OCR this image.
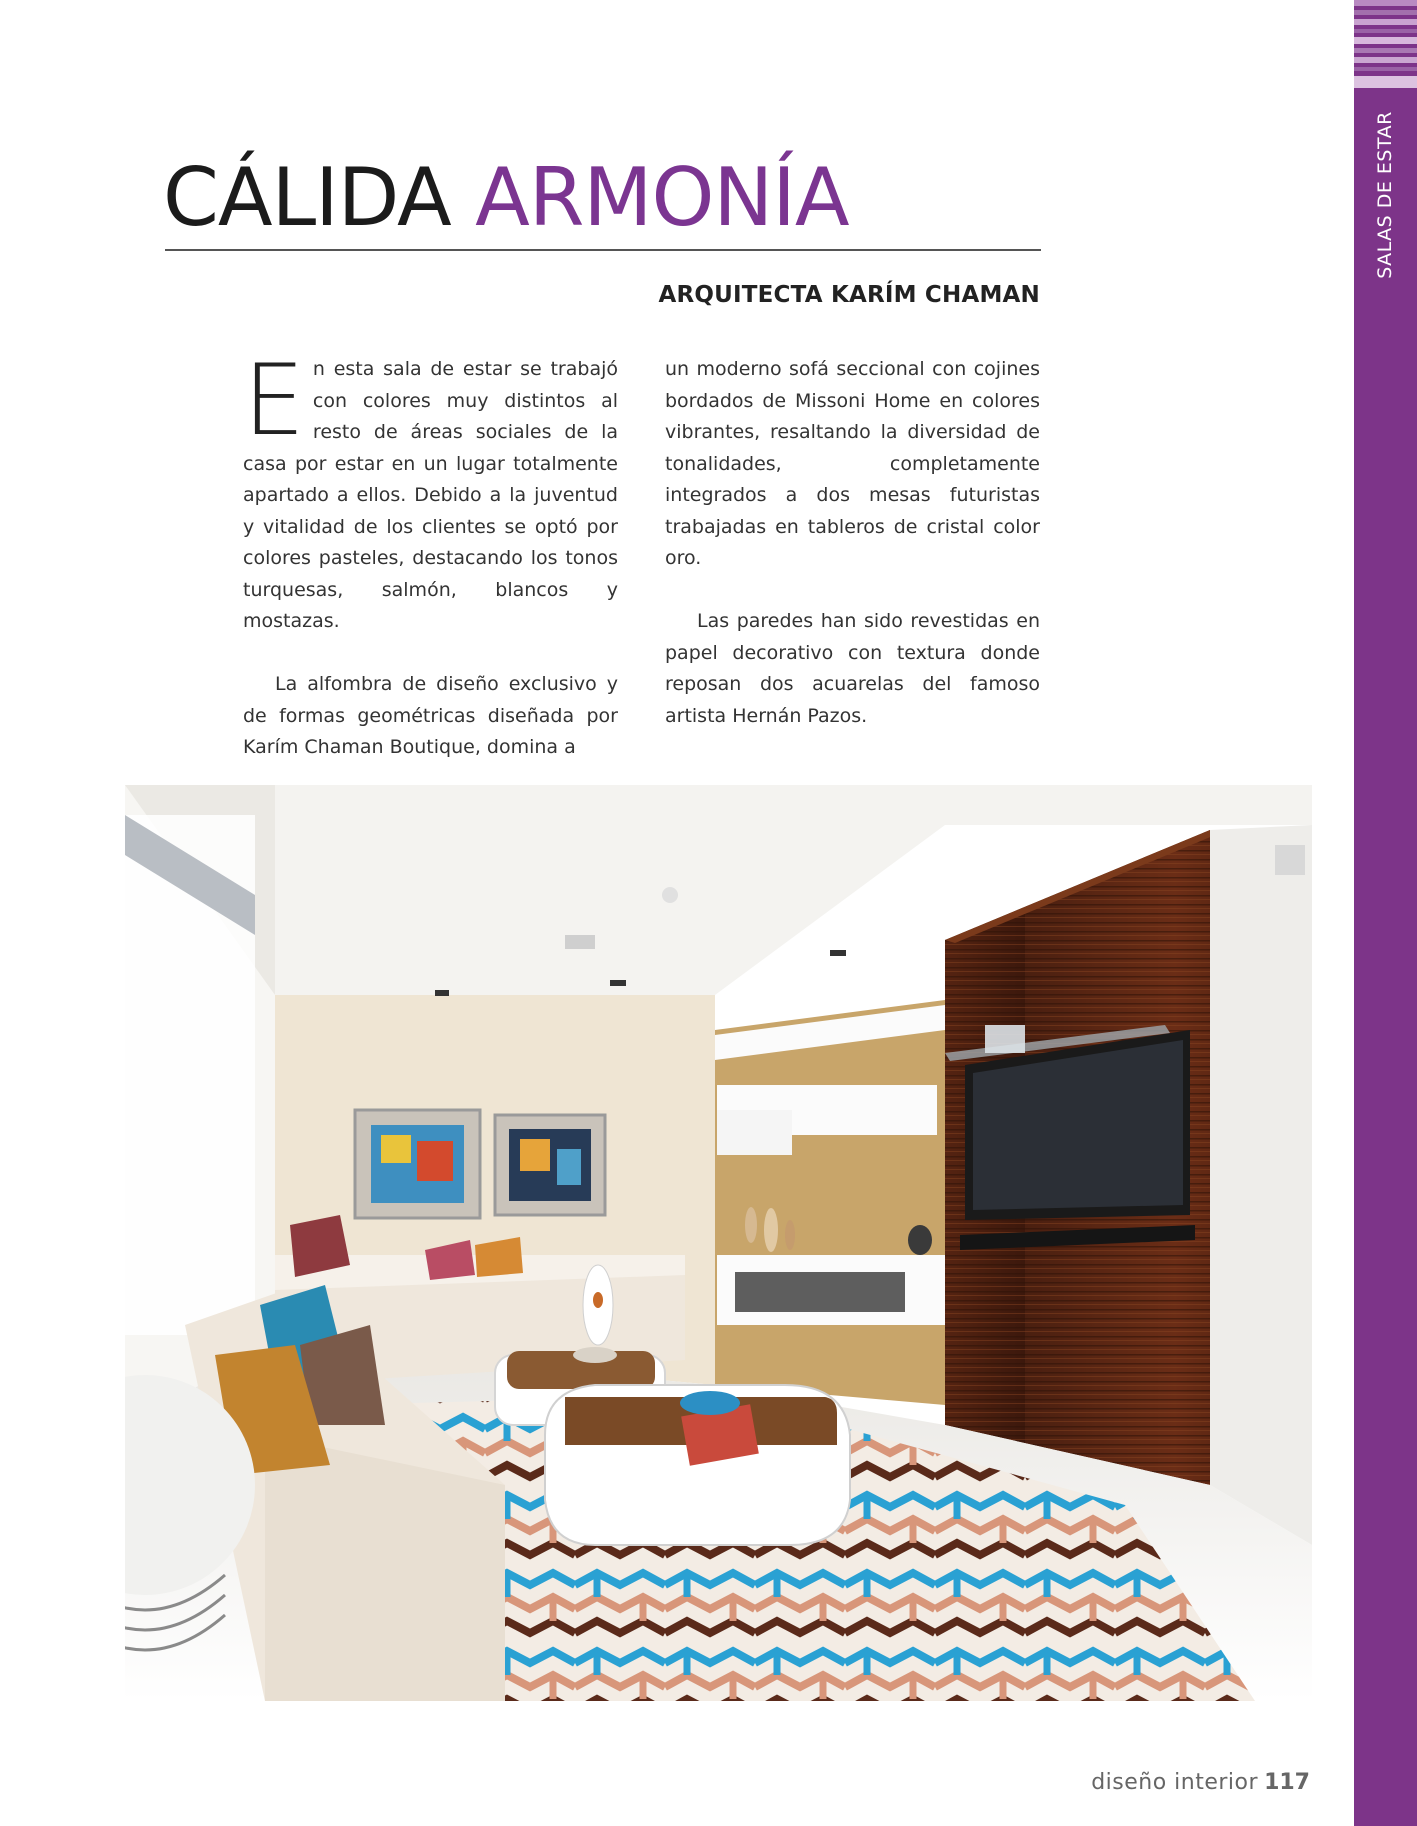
SALAS DE ESTAR
CÁLIDA ARMONÍA
ARQUITECTA KARÍM CHAMAN

En esta sala de estar se trabajó con colores muy distintos al resto de áreas sociales de la casa por estar en un lugar totalmente apartado a ellos. Debido a la juventud y vitalidad de los clientes se optó por colores pasteles, destacando los tonos turquesas, salmón, blancos y mostazas.

La alfombra de diseño exclusivo y de formas geométricas diseñada por Karím Chaman Boutique, domina a

un moderno sofá seccional con cojines bordados de Missoni Home en colores vibrantes, resaltando la diversidad de tonalidades, completamente integrados a dos mesas futuristas trabajadas en tableros de cristal color oro.

Las paredes han sido revestidas en papel decorativo con textura donde reposan dos acuarelas del famoso artista Hernán Pazos.

diseño interior 117
